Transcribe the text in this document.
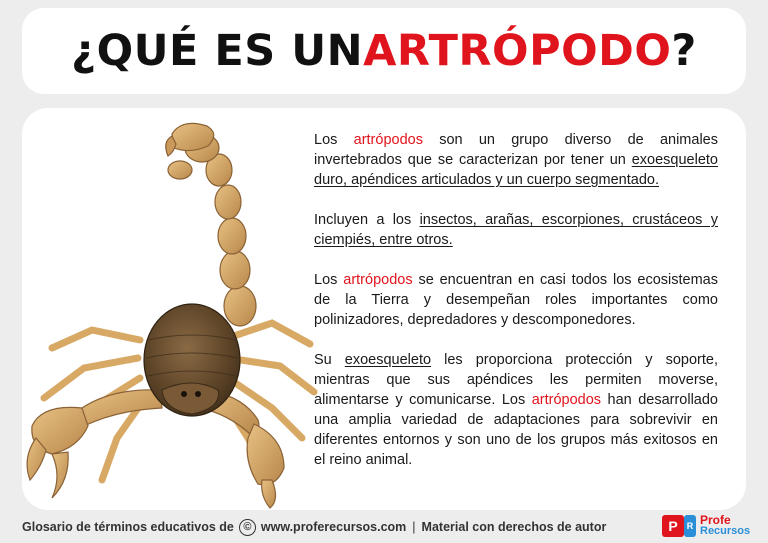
¿QUÉ ES UN ARTRÓPODO ?

Los artrópodos son un grupo diverso de animales invertebrados que se caracterizan por tener un exoesqueleto duro, apéndices articulados y un cuerpo segmentado.

Incluyen a los insectos, arañas, escorpiones, crustáceos y ciempiés, entre otros.

Los artrópodos se encuentran en casi todos los ecosistemas de la Tierra y desempeñan roles importantes como polinizadores, depredadores y descomponedores.

Su exoesqueleto les proporciona protección y soporte, mientras que sus apéndices les permiten moverse, alimentarse y comunicarse. Los artrópodos han desarrollado una amplia variedad de adaptaciones para sobrevivir en diferentes entornos y son uno de los grupos más exitosos en el reino animal.

Glosario de términos educativos de © www.proferecursos.com | Material con derechos de autor	P	R Profe
Recursos
